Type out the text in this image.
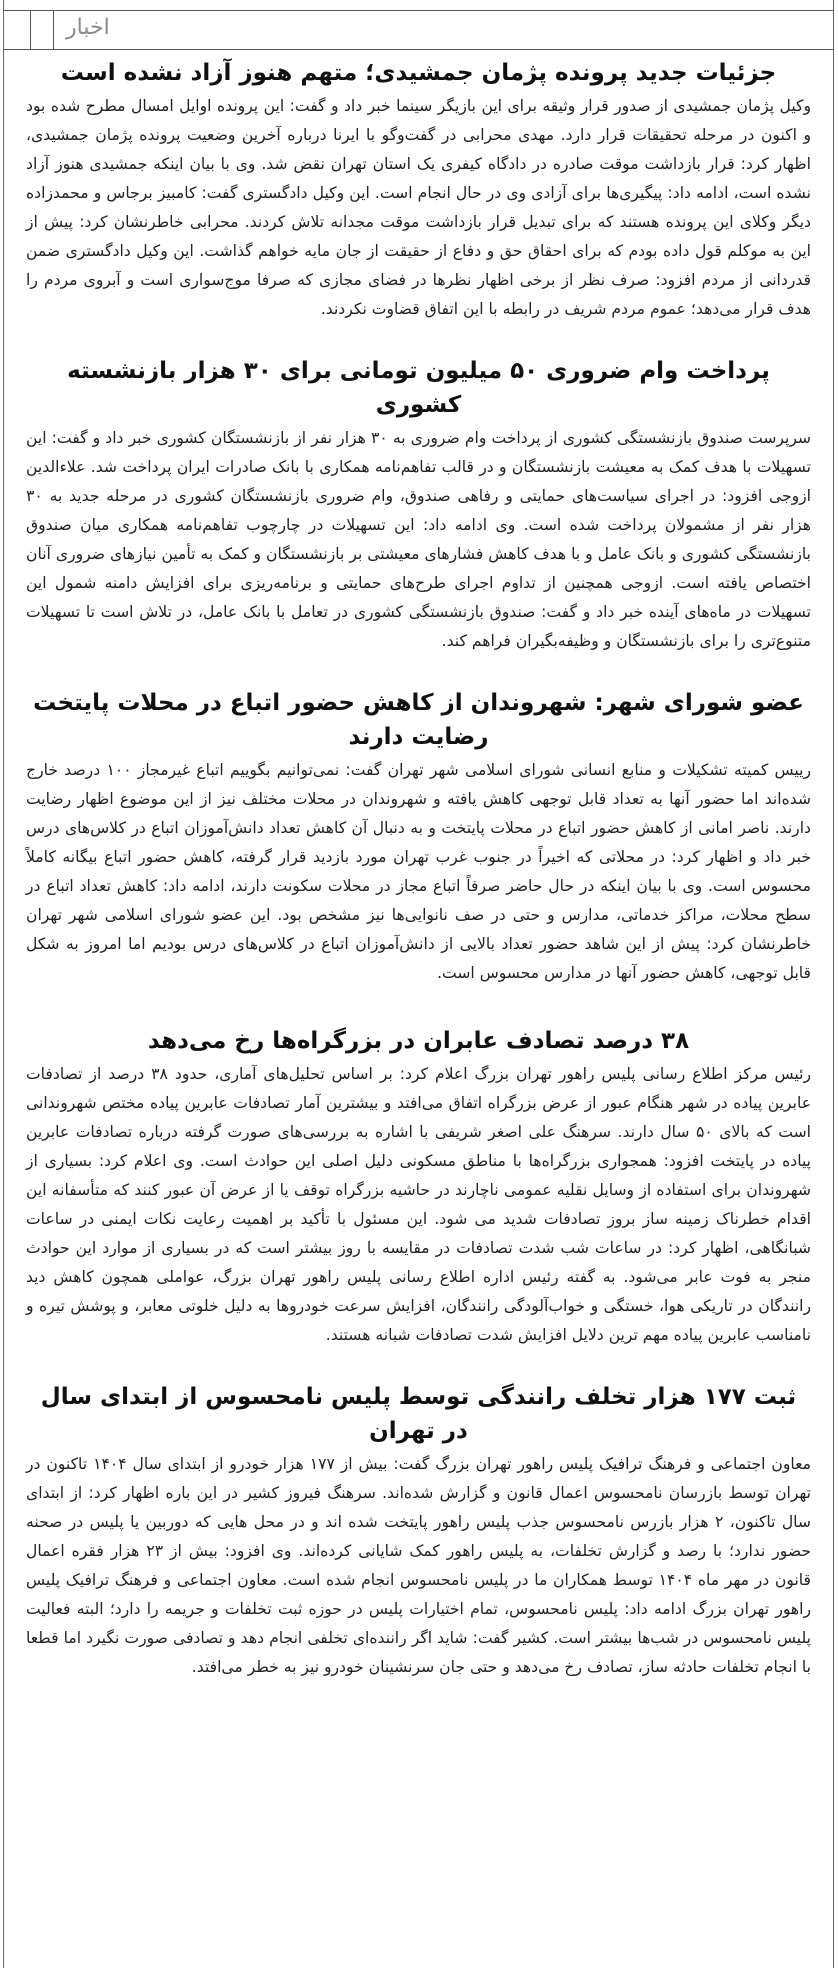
اخبار
جزئیات جدید پرونده پژمان جمشیدی؛ متهم هنوز آزاد نشده است

وکیل پژمان جمشیدی از صدور قرار وثیقه برای این بازیگر سینما خبر داد و گفت: این پرونده اوایل امسال مطرح شده بود و اکنون در مرحله تحقیقات قرار دارد. مهدی محرابی در گفت‌وگو با ایرنا درباره آخرین وضعیت پرونده پژمان جمشیدی، اظهار کرد: قرار بازداشت موقت صادره در دادگاه کیفری یک استان تهران نقض شد. وی با بیان اینکه جمشیدی هنوز آزاد نشده است، ادامه داد: پیگیری‌ها برای آزادی وی در حال انجام است. این وکیل دادگستری گفت: کامبیز برجاس و محمدزاده دیگر وکلای این پرونده هستند که برای تبدیل قرار بازداشت موقت مجدانه تلاش کردند. محرابی خاطرنشان کرد: پیش از این به موکلم قول داده بودم که برای احقاق حق و دفاع از حقیقت از جان مایه خواهم گذاشت. این وکیل دادگستری ضمن قدردانی از مردم افزود: صرف نظر از برخی اظهار نظرها در فضای مجازی که صرفا موج‌سواری است و آبروی مردم را هدف قرار می‌دهد؛ عموم مردم شریف در رابطه با این اتفاق قضاوت نکردند.

پرداخت وام ضروری ۵۰ میلیون تومانی برای ۳۰ هزار بازنشسته کشوری

سرپرست صندوق بازنشستگی کشوری از پرداخت وام ضروری به ۳۰ هزار نفر از بازنشستگان کشوری خبر داد و گفت: این تسهیلات با هدف کمک به معیشت بازنشستگان و در قالب تفاهم‌نامه همکاری با بانک صادرات ایران پرداخت شد. علاءالدین ازوجی افزود: در اجرای سیاست‌های حمایتی و رفاهی صندوق، وام ضروری بازنشستگان کشوری در مرحله جدید به ۳۰ هزار نفر از مشمولان پرداخت شده است. وی ادامه داد: این تسهیلات در چارچوب تفاهم‌نامه همکاری میان صندوق بازنشستگی کشوری و بانک عامل و با هدف کاهش فشارهای معیشتی بر بازنشستگان و کمک به تأمین نیازهای ضروری آنان اختصاص یافته است. ازوجی همچنین از تداوم اجرای طرح‌های حمایتی و برنامه‌ریزی برای افزایش دامنه شمول این تسهیلات در ماه‌های آینده خبر داد و گفت: صندوق بازنشستگی کشوری در تعامل با بانک عامل، در تلاش است تا تسهیلات متنوع‌تری را برای بازنشستگان و وظیفه‌بگیران فراهم کند.

عضو شورای شهر: شهروندان از کاهش حضور اتباع در محلات پایتخت رضایت دارند

رییس کمیته تشکیلات و منابع انسانی شورای اسلامی شهر تهران گفت: نمی‌توانیم بگوییم اتباع غیرمجاز ۱۰۰ درصد خارج شده‌اند اما حضور آنها به تعداد قابل توجهی کاهش یافته و شهروندان در محلات مختلف نیز از این موضوع اظهار رضایت دارند. ناصر امانی از کاهش حضور اتباع در محلات پایتخت و به دنبال آن کاهش تعداد دانش‌آموزان اتباع در کلاس‌های درس خبر داد و اظهار کرد: در محلاتی که اخیراً در جنوب غرب تهران مورد بازدید قرار گرفته، کاهش حضور اتباع بیگانه کاملاً محسوس است. وی با بیان اینکه در حال حاضر صرفاً اتباع مجاز در محلات سکونت دارند، ادامه داد: کاهش تعداد اتباع در سطح محلات، مراکز خدماتی، مدارس و حتی در صف نانوایی‌ها نیز مشخص بود. این عضو شورای اسلامی شهر تهران خاطرنشان کرد: پیش از این شاهد حضور تعداد بالایی از دانش‌آموزان اتباع در کلاس‌های درس بودیم اما امروز به شکل قابل توجهی، کاهش حضور آنها در مدارس محسوس است.

۳۸ درصد تصادف عابران در بزرگراه‌ها رخ می‌دهد

رئیس مرکز اطلاع رسانی پلیس راهور تهران بزرگ اعلام کرد: بر اساس تحلیل‌های آماری، حدود ۳۸ درصد از تصادفات عابرین پیاده در شهر هنگام عبور از عرض بزرگراه اتفاق می‌افتد و بیشترین آمار تصادفات عابرین پیاده مختص شهروندانی است که بالای ۵۰ سال دارند. سرهنگ علی اصغر شریفی با اشاره به بررسی‌های صورت گرفته درباره تصادفات عابرین پیاده در پایتخت افزود: همجواری بزرگراه‌ها با مناطق مسکونی دلیل اصلی این حوادث است. وی اعلام کرد: بسیاری از شهروندان برای استفاده از وسایل نقلیه عمومی ناچارند در حاشیه بزرگراه توقف یا از عرض آن عبور کنند که متأسفانه این اقدام خطرناک زمینه ساز بروز تصادفات شدید می شود. این مسئول با تأکید بر اهمیت رعایت نکات ایمنی در ساعات شبانگاهی، اظهار کرد: در ساعات شب شدت تصادفات در مقایسه با روز بیشتر است که در بسیاری از موارد این حوادث منجر به فوت عابر می‌شود. به گفته رئیس اداره اطلاع رسانی پلیس راهور تهران بزرگ، عواملی همچون کاهش دید رانندگان در تاریکی هوا، خستگی و خواب‌آلودگی رانندگان، افزایش سرعت خودروها به دلیل خلوتی معابر، و پوشش تیره و نامناسب عابرین پیاده مهم ترین دلایل افزایش شدت تصادفات شبانه هستند.

ثبت ۱۷۷ هزار تخلف رانندگی توسط پلیس نامحسوس از ابتدای سال در تهران

معاون اجتماعی و فرهنگ ترافیک پلیس راهور تهران بزرگ گفت: بیش از ۱۷۷ هزار خودرو از ابتدای سال ۱۴۰۴ تاکنون در تهران توسط بازرسان نامحسوس اعمال قانون و گزارش شده‌اند. سرهنگ فیروز کشیر در این باره اظهار کرد: از ابتدای سال تاکنون، ۲ هزار بازرس نامحسوس جذب پلیس راهور پایتخت شده اند و در محل هایی که دوربین یا پلیس در صحنه حضور ندارد؛ با رصد و گزارش تخلفات، به پلیس راهور کمک شایانی کرده‌اند. وی افزود: بیش از ۲۳ هزار فقره اعمال قانون در مهر ماه ۱۴۰۴ توسط همکاران ما در پلیس نامحسوس انجام شده است. معاون اجتماعی و فرهنگ ترافیک پلیس راهور تهران بزرگ ادامه داد: پلیس نامحسوس، تمام اختیارات پلیس در حوزه ثبت تخلفات و جریمه را دارد؛ البته فعالیت پلیس نامحسوس در شب‌ها بیشتر است. کشیر گفت: شاید اگر راننده‌ای تخلفی انجام دهد و تصادفی صورت نگیرد اما قطعا با انجام تخلفات حادثه ساز، تصادف رخ می‌دهد و حتی جان سرنشینان خودرو نیز به خطر می‌افتد.
